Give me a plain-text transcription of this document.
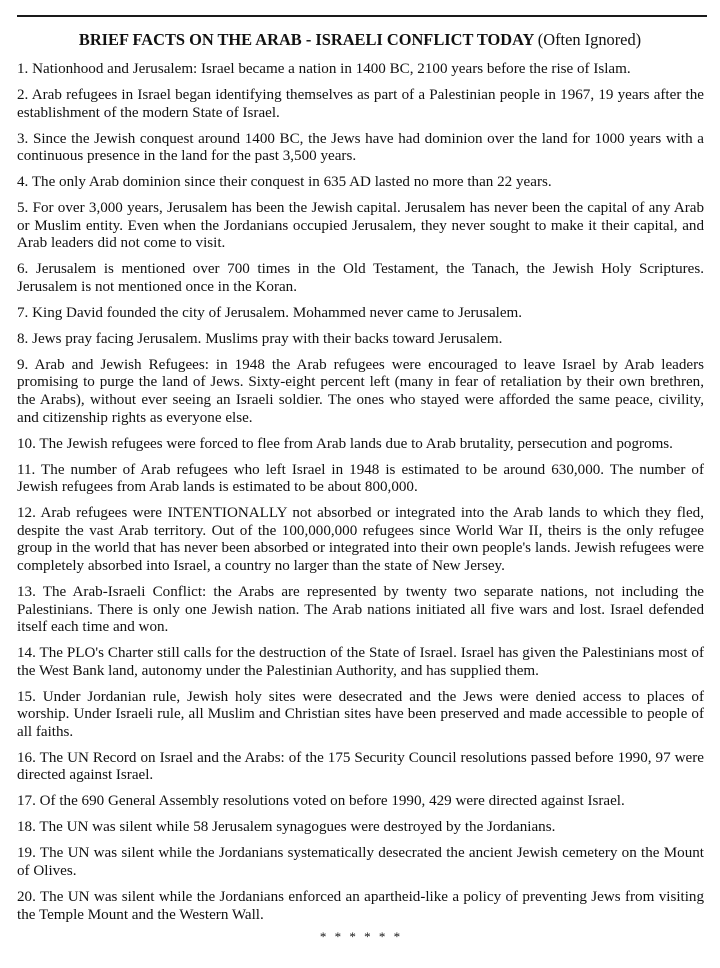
BRIEF FACTS ON THE ARAB - ISRAELI CONFLICT TODAY (Often Ignored)
1. Nationhood and Jerusalem: Israel became a nation in 1400 BC, 2100 years before the rise of Islam.
2. Arab refugees in Israel began identifying themselves as part of a Palestinian people in 1967, 19 years after the establishment of the modern State of Israel.
3. Since the Jewish conquest around 1400 BC, the Jews have had dominion over the land for 1000 years with a continuous presence in the land for the past 3,500 years.
4. The only Arab dominion since their conquest in 635 AD lasted no more than 22 years.
5. For over 3,000 years, Jerusalem has been the Jewish capital. Jerusalem has never been the capital of any Arab or Muslim entity. Even when the Jordanians occupied Jerusalem, they never sought to make it their capital, and Arab leaders did not come to visit.
6. Jerusalem is mentioned over 700 times in the Old Testament, the Tanach, the Jewish Holy Scriptures. Jerusalem is not mentioned once in the Koran.
7. King David founded the city of Jerusalem. Mohammed never came to Jerusalem.
8. Jews pray facing Jerusalem. Muslims pray with their backs toward Jerusalem.
9. Arab and Jewish Refugees: in 1948 the Arab refugees were encouraged to leave Israel by Arab leaders promising to purge the land of Jews. Sixty-eight percent left (many in fear of retaliation by their own brethren, the Arabs), without ever seeing an Israeli soldier. The ones who stayed were afforded the same peace, civility, and citizenship rights as everyone else.
10. The Jewish refugees were forced to flee from Arab lands due to Arab brutality, persecution and pogroms.
11. The number of Arab refugees who left Israel in 1948 is estimated to be around 630,000. The number of Jewish refugees from Arab lands is estimated to be about 800,000.
12. Arab refugees were INTENTIONALLY not absorbed or integrated into the Arab lands to which they fled, despite the vast Arab territory. Out of the 100,000,000 refugees since World War II, theirs is the only refugee group in the world that has never been absorbed or integrated into their own people's lands. Jewish refugees were completely absorbed into Israel, a country no larger than the state of New Jersey.
13. The Arab-Israeli Conflict: the Arabs are represented by twenty two separate nations, not including the Palestinians. There is only one Jewish nation. The Arab nations initiated all five wars and lost. Israel defended itself each time and won.
14. The PLO's Charter still calls for the destruction of the State of Israel. Israel has given the Palestinians most of the West Bank land, autonomy under the Palestinian Authority, and has supplied them.
15. Under Jordanian rule, Jewish holy sites were desecrated and the Jews were denied access to places of worship. Under Israeli rule, all Muslim and Christian sites have been preserved and made accessible to people of all faiths.
16. The UN Record on Israel and the Arabs: of the 175 Security Council resolutions passed before 1990, 97 were directed against Israel.
17. Of the 690 General Assembly resolutions voted on before 1990, 429 were directed against Israel.
18. The UN was silent while 58 Jerusalem synagogues were destroyed by the Jordanians.
19. The UN was silent while the Jordanians systematically desecrated the ancient Jewish cemetery on the Mount of Olives.
20. The UN was silent while the Jordanians enforced an apartheid-like a policy of preventing Jews from visiting the Temple Mount and the Western Wall.
* * * * * *
